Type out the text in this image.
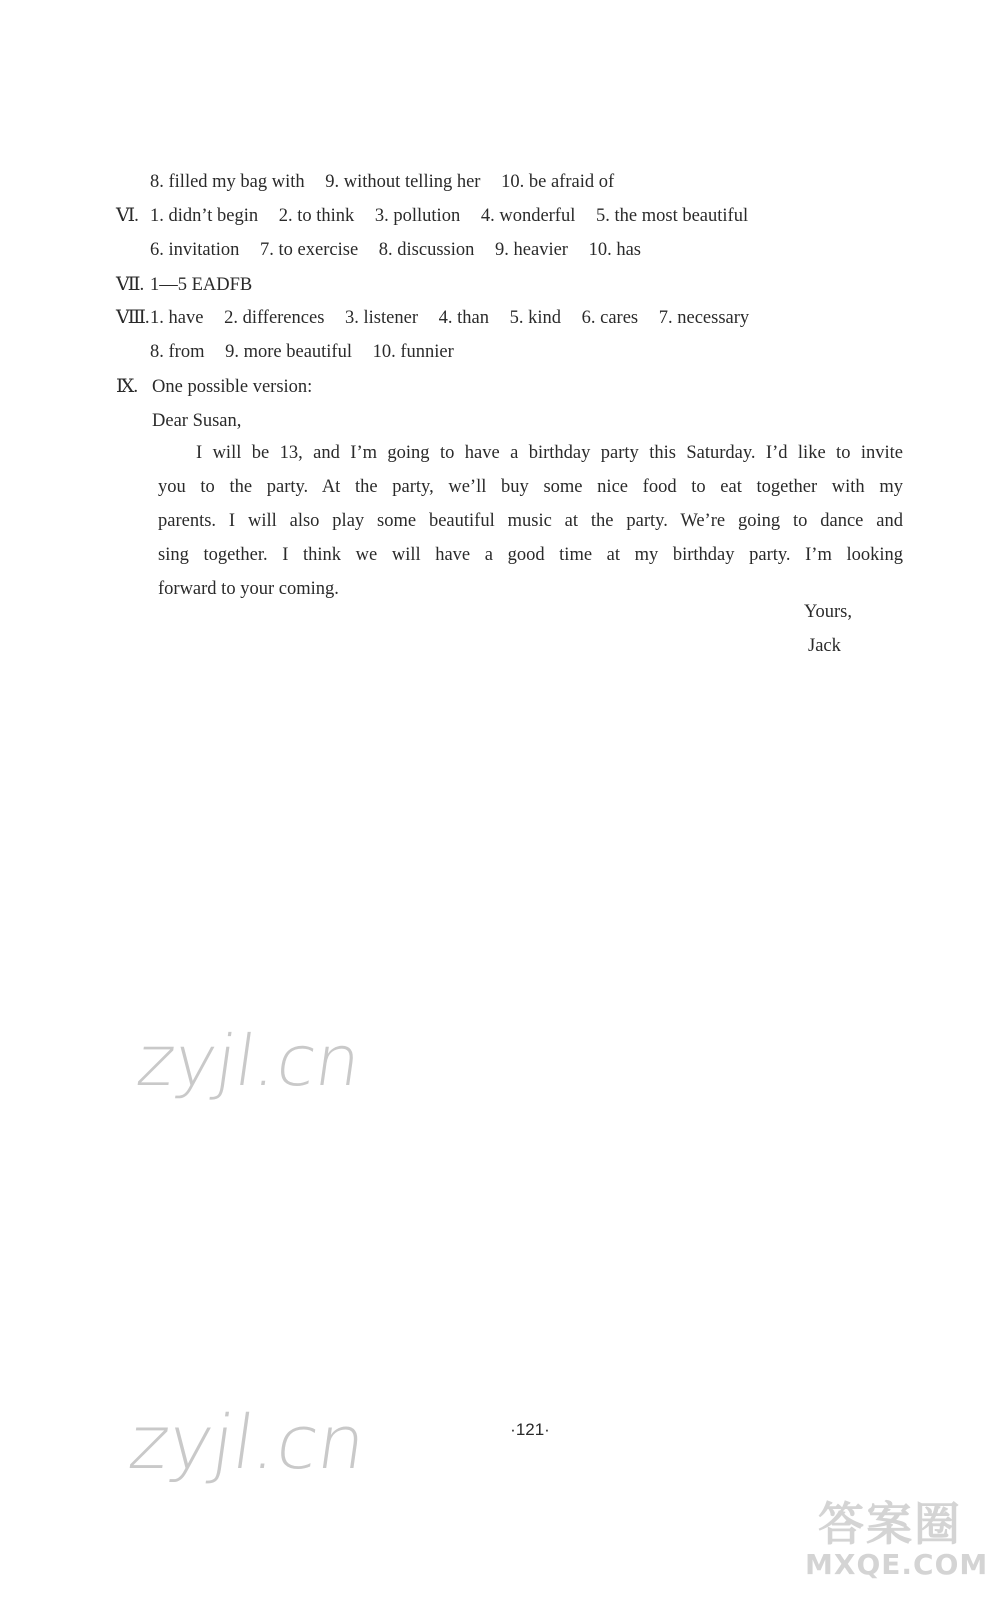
8. filled my bag with 9. without telling her 10. be afraid of
Ⅵ. 1. didn’t begin 2. to think 3. pollution 4. wonderful 5. the most beautiful
6. invitation 7. to exercise 8. discussion 9. heavier 10. has
Ⅶ. 1—5 EADFB
Ⅷ. 1. have 2. differences 3. listener 4. than 5. kind 6. cares 7. necessary
8. from 9. more beautiful 10. funnier
Ⅸ. One possible version:
Dear Susan,
I will be 13, and I’m going to have a birthday party this Saturday. I’d like to invite
you to the party. At the party, we’ll buy some nice food to eat together with my
parents. I will also play some beautiful music at the party. We’re going to dance and
sing together. I think we will have a good time at my birthday party. I’m looking
forward to your coming.
Yours,
Jack
zyjl.cn
zyjl.cn
答案圈
MXQE.COM
·121·
